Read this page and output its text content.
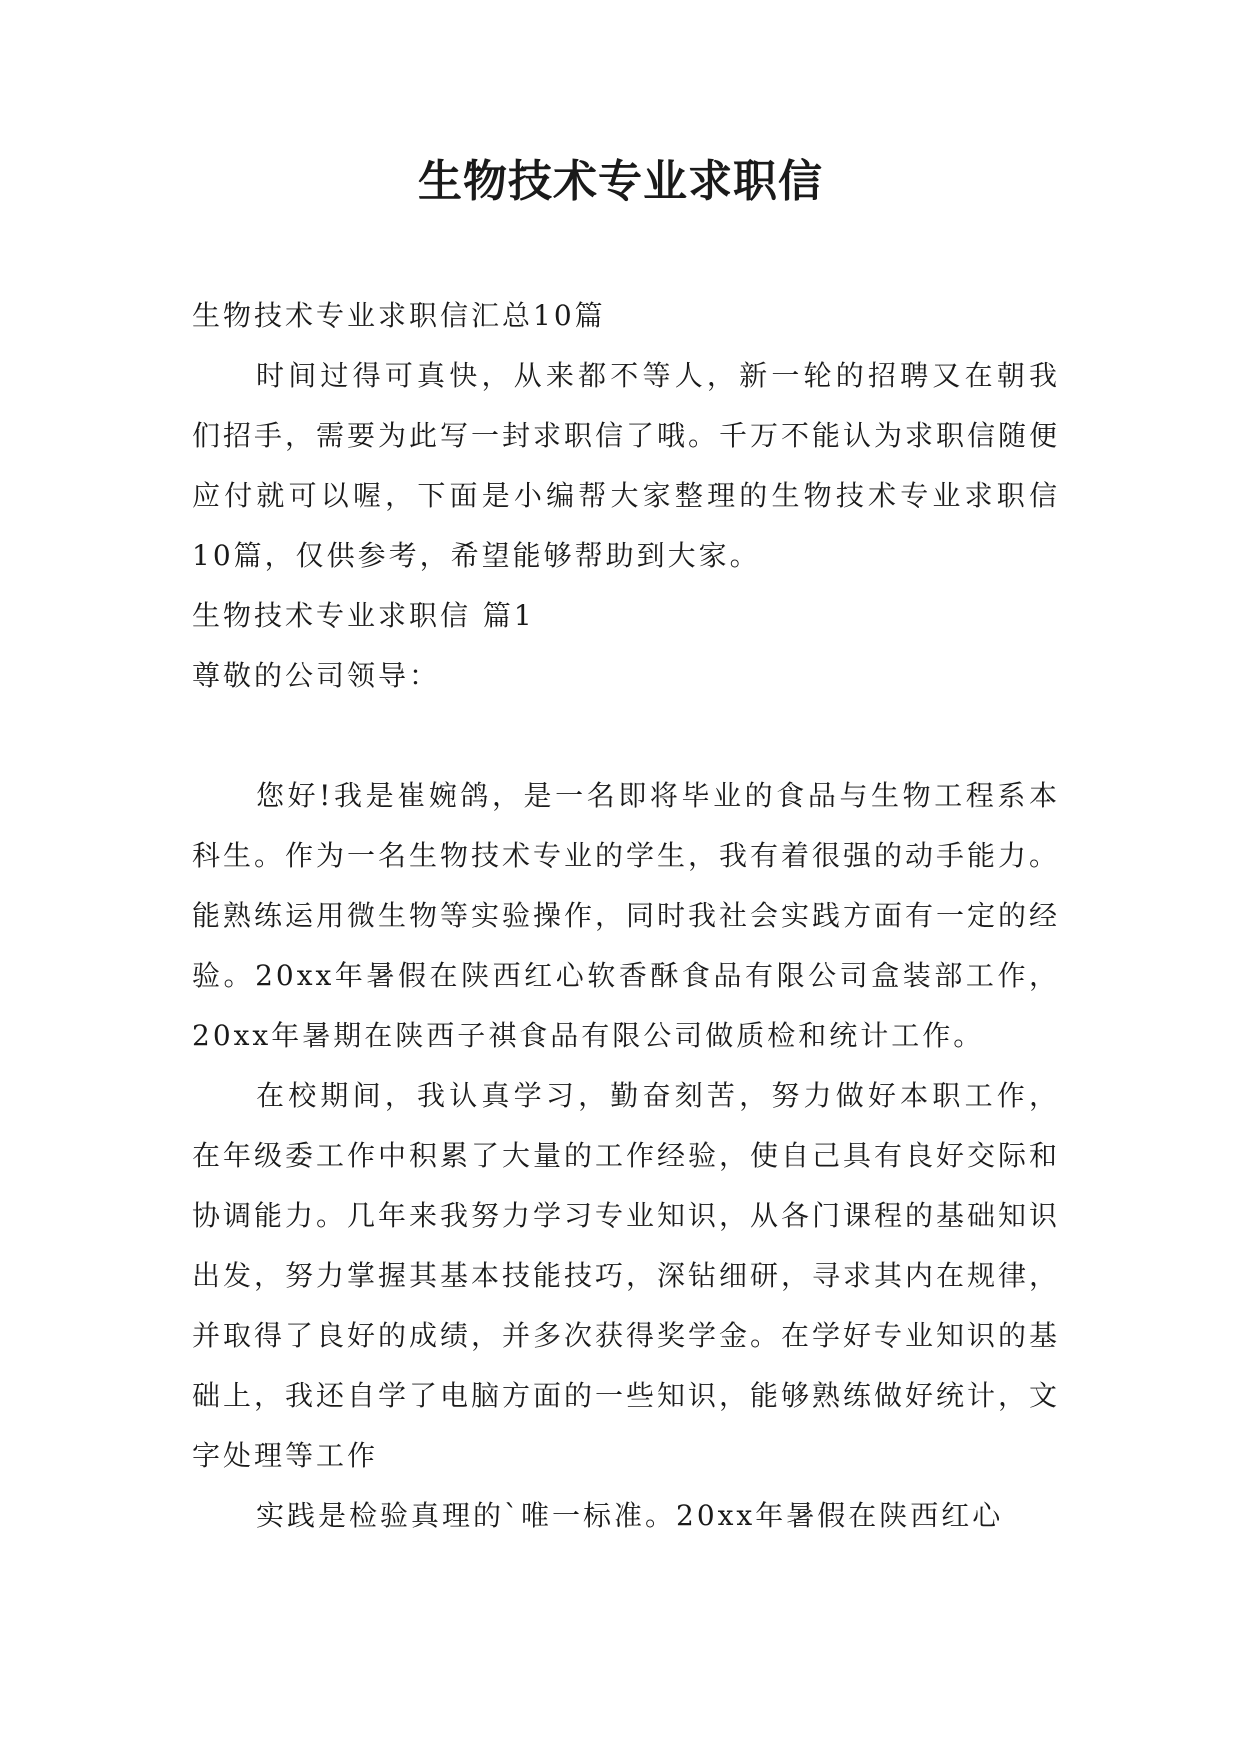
生物技术专业求职信

生物技术专业求职信汇总10篇

时间过得可真快，从来都不等人，新一轮的招聘又在朝我们招手，需要为此写一封求职信了哦。千万不能认为求职信随便应付就可以喔，下面是小编帮大家整理的生物技术专业求职信10篇，仅供参考，希望能够帮助到大家。

生物技术专业求职信 篇1

尊敬的公司领导：

您好!我是崔婉鸽，是一名即将毕业的食品与生物工程系本科生。作为一名生物技术专业的学生，我有着很强的动手能力。能熟练运用微生物等实验操作，同时我社会实践方面有一定的经验。20xx年暑假在陕西红心软香酥食品有限公司盒装部工作，20xx年暑期在陕西子祺食品有限公司做质检和统计工作。

在校期间，我认真学习，勤奋刻苦，努力做好本职工作，在年级委工作中积累了大量的工作经验，使自己具有良好交际和协调能力。几年来我努力学习专业知识，从各门课程的基础知识出发，努力掌握其基本技能技巧，深钻细研，寻求其内在规律，并取得了良好的成绩，并多次获得奖学金。在学好专业知识的基础上，我还自学了电脑方面的一些知识，能够熟练做好统计，文字处理等工作

实践是检验真理的`唯一标准。20xx年暑假在陕西红心
